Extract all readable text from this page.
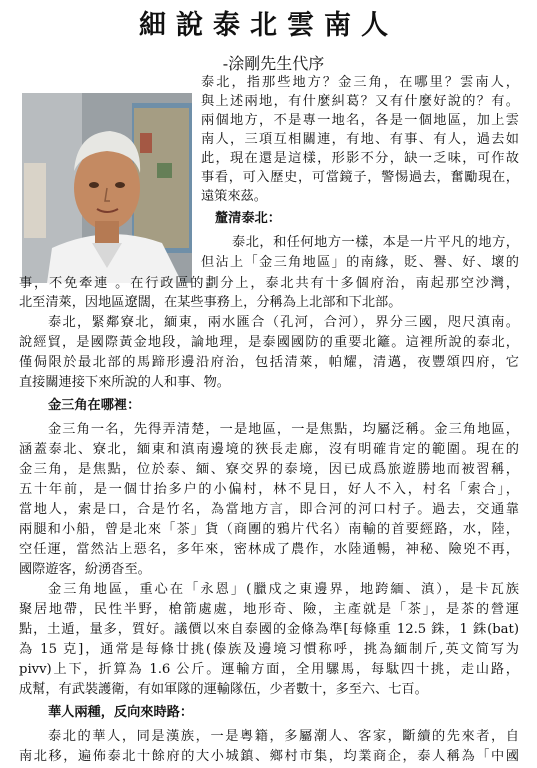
細說泰北雲南人
-涂剛先生代序
泰北，指那些地方？金三角，在哪里？雲南人，
與上述兩地，有什麼糾葛？又有什麼好說的？有。
兩個地方，不是專一地名，各是一個地區，加上雲
南人，三項互相關連，有地、有事、有人，過去如
此，現在還是這樣，形影不分，缺一乏味，可作故
事看，可入歷史，可當鏡子，警惕過去，奮勵現在，
遠策來茲。
釐清泰北：
泰北，和任何地方一樣，本是一片平凡的地方，
但沾上「金三角地區」的南緣，貶、譽、好、壞的
事，不免牽連 。在行政區的劃分上，泰北共有十多個府治，南起那空沙灣，
北至清萊，因地區遼闊，在某些事務上，分稱為上北部和下北部。
泰北，緊鄰寮北，緬東，兩水匯合（孔河，合河），界分三國，咫尺滇南。
說經貿，是國際黃金地段，論地理，是泰國國防的重要北籬。這裡所說的泰北，
僅侷限於最北部的馬蹄形邊沿府治，包括清萊，帕耀，清邁，夜豐頌四府，它
直接關連接下來所說的人和事、物。
金三角在哪裡：
金三角一名，先得弄清楚，一是地區，一是焦點，均屬泛稱。金三角地區，
涵蓋泰北、寮北，緬東和滇南邊境的狹長走廊，沒有明確肯定的範圍。現在的
金三角，是焦點，位於泰、緬、寮交界的泰境，因已成爲旅遊勝地而被習稱，
五十年前，是一個廿抬多户的小偏村，林不見日，好人不入，村名「索合」，
當地人，索是口，合是竹名，為當地方言，即合河的河口村子。過去，交通靠
兩腿和小船，曾是北來「茶」貨（商團的鴉片代名）南輸的首要經路，水，陸，
空任運，當然沾上惡名，多年來，密林成了農作，水陸通暢，神秘、險兇不再，
國際遊客，紛湧沓至。
金三角地區，重心在「永恩」(臘戍之東邊界，地跨緬、滇），是卡瓦族
聚居地帶，民性半野，槍箭處處，地形奇、險，主產就是「茶」，是茶的營運
點，土遁，量多，質好。議價以來自泰國的金條為準[每條重 12.5 銖，1 銖(bat)
為 15 克]，通常是每條廿挑(傣族及邊境习慣称呼，挑為緬制斤,英文简写为
pivv)上下，折算為 1.6 公斤。運輸方面，全用騾馬，每駄四十挑，走山路，
成幫，有武裝護衛，有如軍隊的運輸隊伍，少者數十，多至六、七百。
華人兩種，反向來時路：
泰北的華人，同是漢族，一是粵籍，多屬潮人、客家，斷續的先來者，自
南北移，遍佈泰北十餘府的大小城鎮、鄉村市集，均業商企，泰人稱為「中國
